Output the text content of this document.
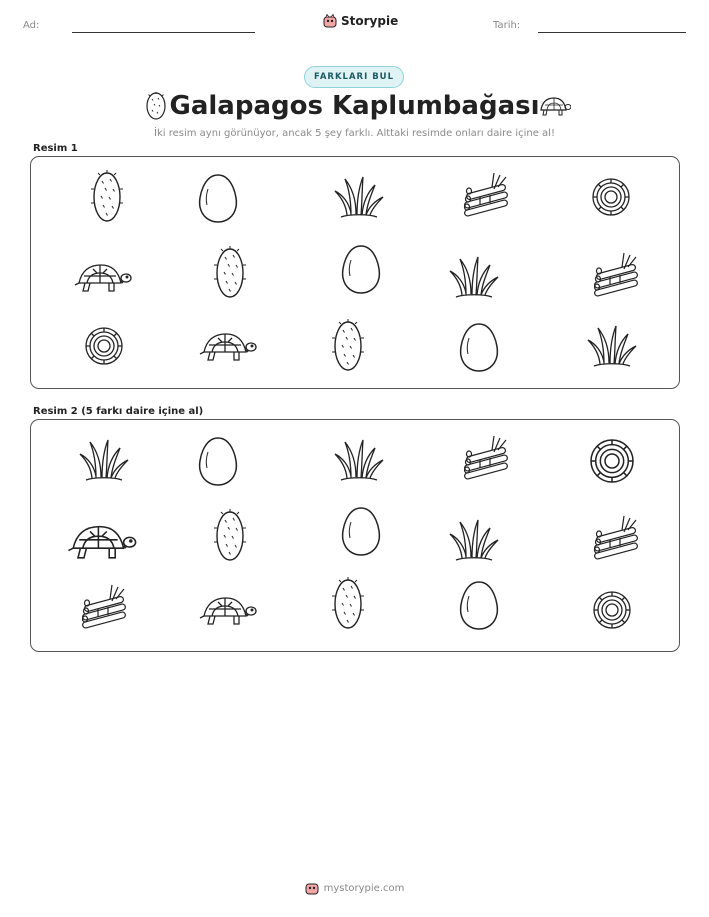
Ad:	Storypie	Tarih:
FARKLARI BUL
Galapagos Kaplumbağası
İki resim aynı görünüyor, ancak 5 şey farklı. Alttaki resimde onları daire içine al!
Resim 1
Resim 2 (5 farkı daire içine al)
mystorypie.com
